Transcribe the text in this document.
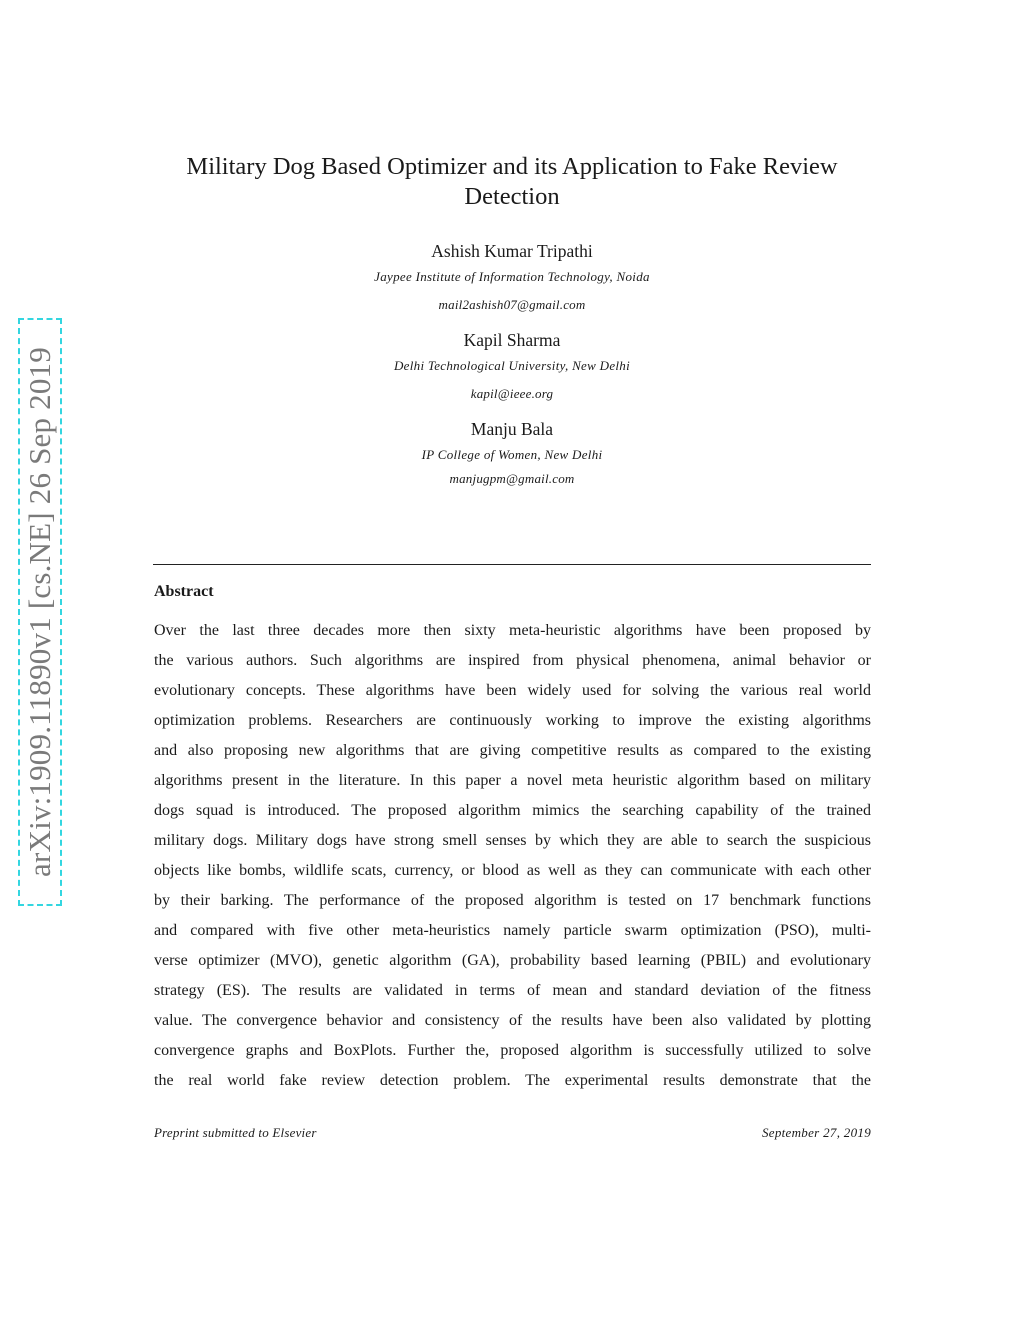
arXiv:1909.11890v1 [cs.NE] 26 Sep 2019
Military Dog Based Optimizer and its Application to Fake Review Detection
Ashish Kumar Tripathi
Jaypee Institute of Information Technology, Noida
mail2ashish07@gmail.com
Kapil Sharma
Delhi Technological University, New Delhi
kapil@ieee.org
Manju Bala
IP College of Women, New Delhi
manjugpm@gmail.com
Abstract
Over the last three decades more then sixty meta-heuristic algorithms have been proposed by
the various authors. Such algorithms are inspired from physical phenomena, animal behavior or
evolutionary concepts. These algorithms have been widely used for solving the various real world
optimization problems. Researchers are continuously working to improve the existing algorithms
and also proposing new algorithms that are giving competitive results as compared to the existing
algorithms present in the literature. In this paper a novel meta heuristic algorithm based on military
dogs squad is introduced. The proposed algorithm mimics the searching capability of the trained
military dogs. Military dogs have strong smell senses by which they are able to search the suspicious
objects like bombs, wildlife scats, currency, or blood as well as they can communicate with each other
by their barking. The performance of the proposed algorithm is tested on 17 benchmark functions
and compared with five other meta-heuristics namely particle swarm optimization (PSO), multi-
verse optimizer (MVO), genetic algorithm (GA), probability based learning (PBIL) and evolutionary
strategy (ES). The results are validated in terms of mean and standard deviation of the fitness
value. The convergence behavior and consistency of the results have been also validated by plotting
convergence graphs and BoxPlots. Further the, proposed algorithm is successfully utilized to solve
the real world fake review detection problem. The experimental results demonstrate that the
Preprint submitted to Elsevier	September 27, 2019
